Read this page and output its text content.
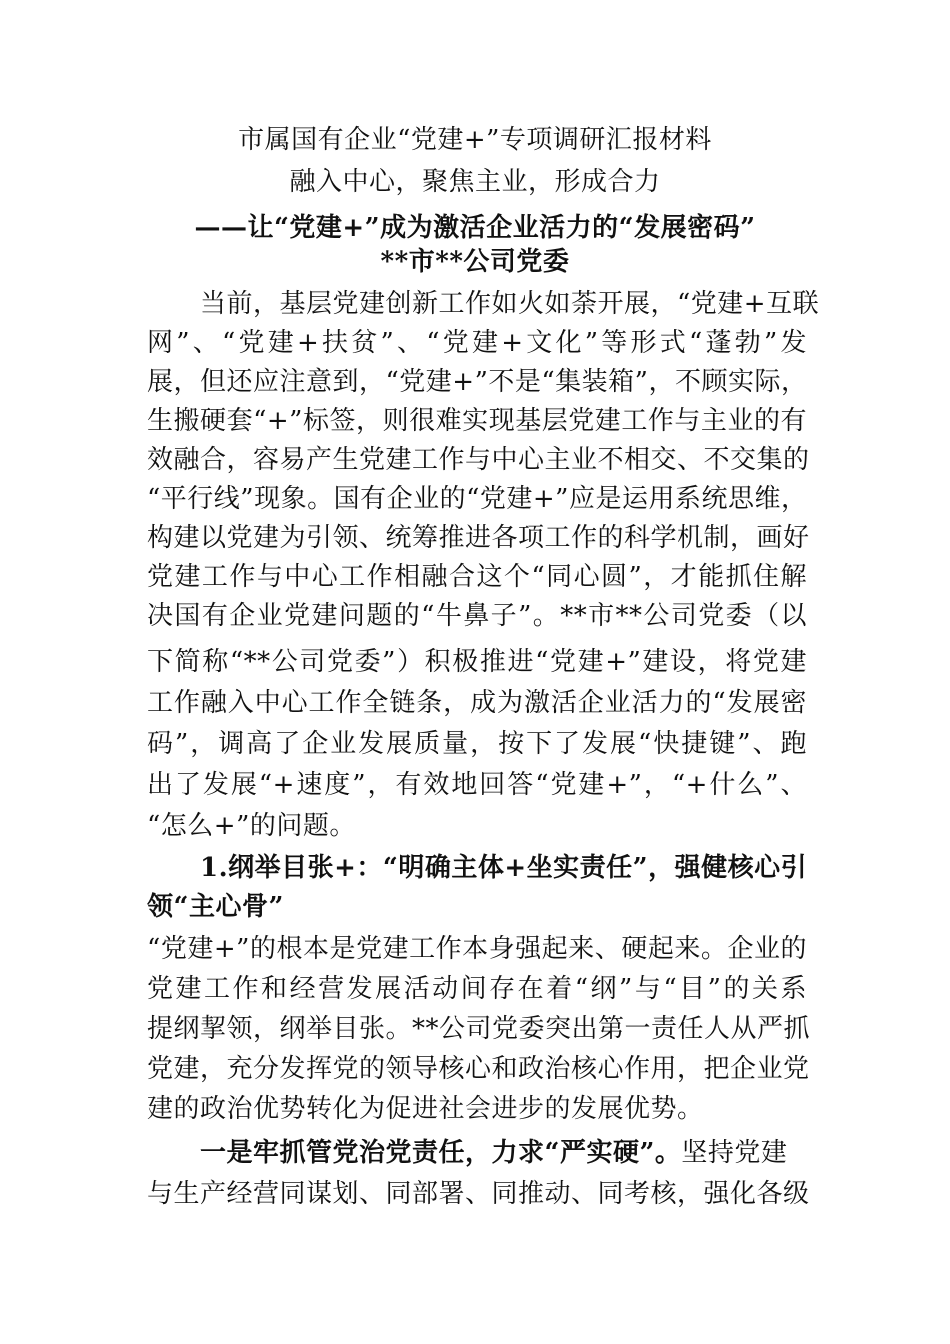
市属国有企业“党建+”专项调研汇报材料
融入中心，聚焦主业，形成合力
——让“党建+”成为激活企业活力的“发展密码”
**市**公司党委
当前，基层党建创新工作如火如荼开展，“党建+互联
网”、“党建+扶贫”、“党建+文化”等形式“蓬勃”发
展，但还应注意到，“党建+”不是“集装箱”，不顾实际，
生搬硬套“+”标签，则很难实现基层党建工作与主业的有
效融合，容易产生党建工作与中心主业不相交、不交集的
“平行线”现象。国有企业的“党建+”应是运用系统思维，
构建以党建为引领、统筹推进各项工作的科学机制，画好
党建工作与中心工作相融合这个“同心圆”，才能抓住解
决国有企业党建问题的“牛鼻子”。**市**公司党委（以
下简称“**公司党委”）积极推进“党建+”建设，将党建
工作融入中心工作全链条，成为激活企业活力的“发展密
码”，调高了企业发展质量，按下了发展“快捷键”、跑
出了发展“+速度”，有效地回答“党建+”，“+什么”、
“怎么+”的问题。
1.纲举目张+：“明确主体+坐实责任”，强健核心引
领“主心骨”
“党建+”的根本是党建工作本身强起来、硬起来。企业的
党建工作和经营发展活动间存在着“纲”与“目”的关系
提纲挈领，纲举目张。**公司党委突出第一责任人从严抓
党建，充分发挥党的领导核心和政治核心作用，把企业党
建的政治优势转化为促进社会进步的发展优势。
一是牢抓管党治党责任，力求“严实硬”。坚持党建
与生产经营同谋划、同部署、同推动、同考核，强化各级
